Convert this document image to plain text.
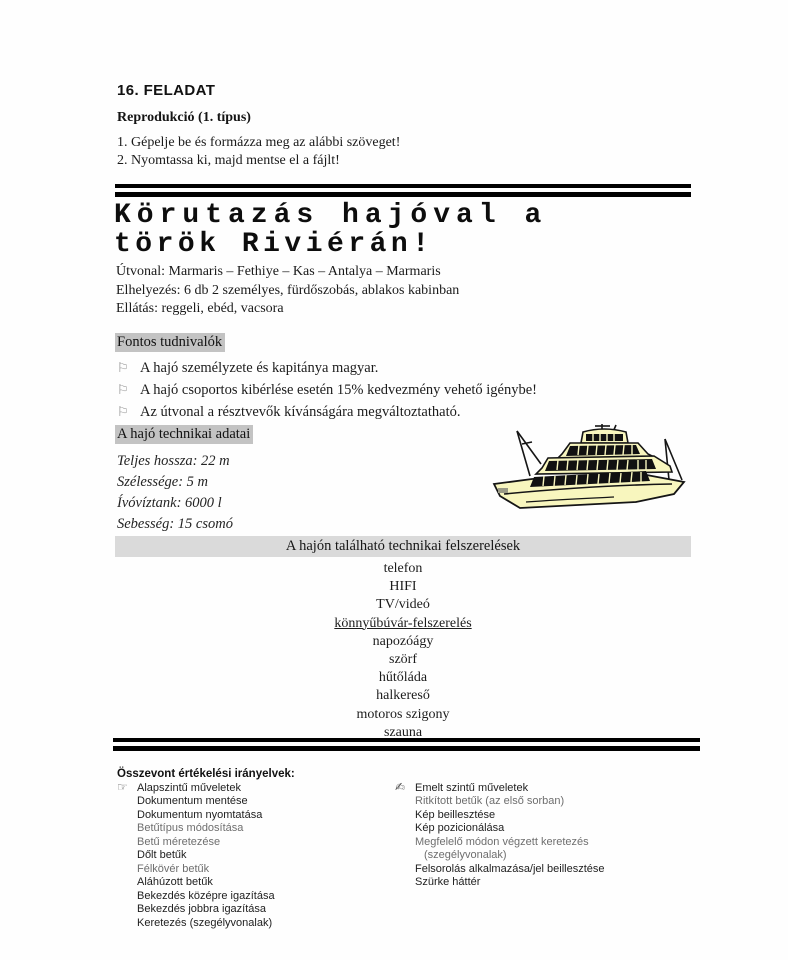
16. FELADAT
Reprodukció (1. típus)
1. Gépelje be és formázza meg az alábbi szöveget!
2. Nyomtassa ki, majd mentse el a fájlt!
Körutazás hajóval a
török Riviérán!
Útvonal: Marmaris – Fethiye – Kas – Antalya – Marmaris
Elhelyezés: 6 db 2 személyes, fürdőszobás, ablakos kabinban
Ellátás: reggeli, ebéd, vacsora
Fontos tudnivalók
⚐ A hajó személyzete és kapitánya magyar.
⚐ A hajó csoportos kibérlése esetén 15% kedvezmény vehető igénybe!
⚐ Az útvonal a résztvevők kívánságára megváltoztatható.
A hajó technikai adatai
Teljes hossza: 22 m
Szélessége: 5 m
Ívóvíztank: 6000 l
Sebesség: 15 csomó
A hajón található technikai felszerelések
telefon
HIFI
TV/videó
könnyűbúvár-felszerelés
napozóágy
szörf
hűtőláda
halkereső
motoros szigony
szauna
Összevont értékelési irányelvek:
☞ Alapszintű műveletek
Dokumentum mentése
Dokumentum nyomtatása
Betűtípus módosítása
Betű méretezése
Dőlt betűk
Félkövér betűk
Aláhúzott betűk
Bekezdés középre igazítása
Bekezdés jobbra igazítása
Keretezés (szegélyvonalak)
✍ Emelt szintű műveletek
Ritkított betűk (az első sorban)
Kép beillesztése
Kép pozicionálása
Megfelelő módon végzett keretezés
(szegélyvonalak)
Felsorolás alkalmazása/jel beillesztése
Szürke háttér
